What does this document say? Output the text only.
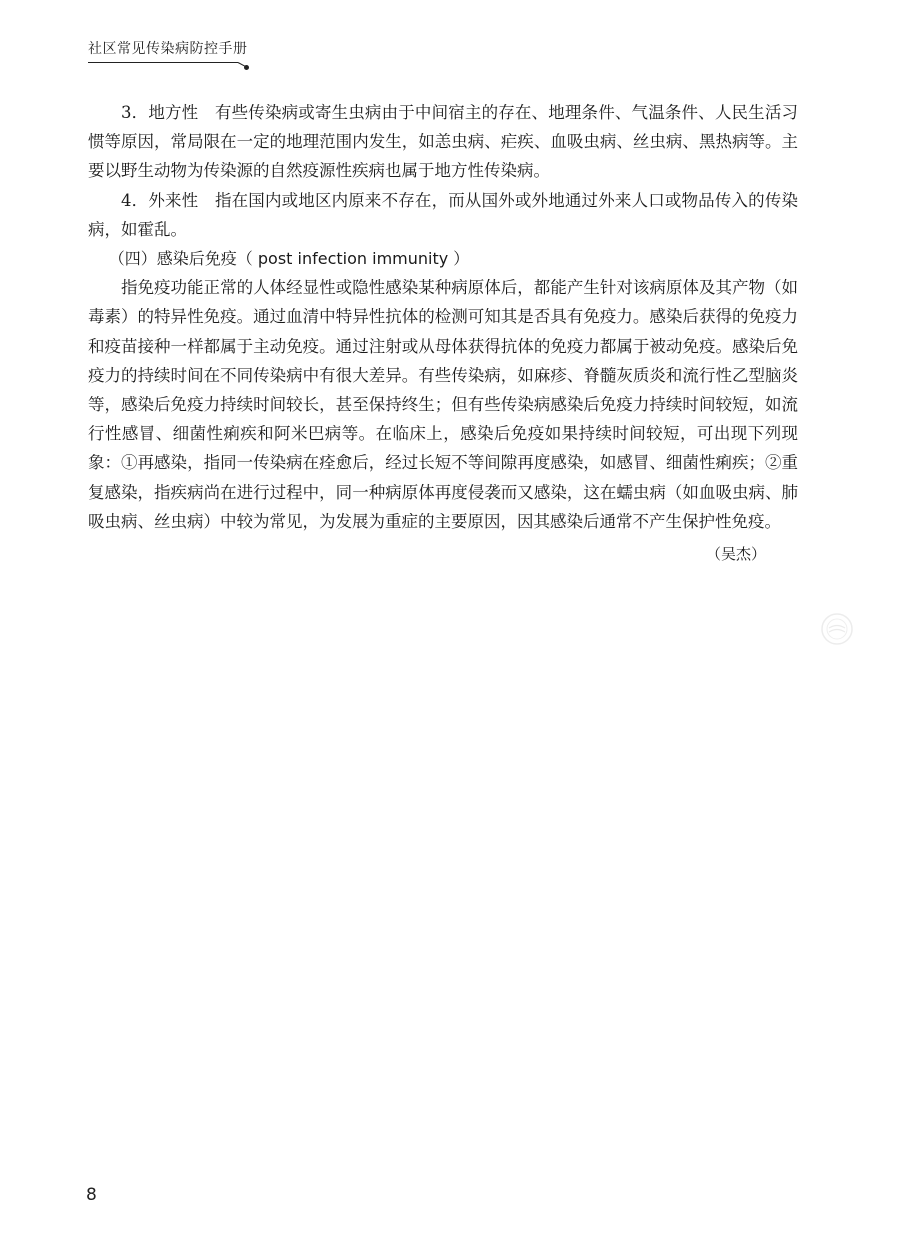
社区常见传染病防控手册

3．地方性　有些传染病或寄生虫病由于中间宿主的存在、地理条件、气温条件、人民生活习惯等原因，常局限在一定的地理范围内发生，如恙虫病、疟疾、血吸虫病、丝虫病、黑热病等。主要以野生动物为传染源的自然疫源性疾病也属于地方性传染病。

4．外来性　指在国内或地区内原来不存在，而从国外或外地通过外来人口或物品传入的传染病，如霍乱。

（四）感染后免疫（ post infection immunity ）

指免疫功能正常的人体经显性或隐性感染某种病原体后，都能产生针对该病原体及其产物（如毒素）的特异性免疫。通过血清中特异性抗体的检测可知其是否具有免疫力。感染后获得的免疫力和疫苗接种一样都属于主动免疫。通过注射或从母体获得抗体的免疫力都属于被动免疫。感染后免疫力的持续时间在不同传染病中有很大差异。有些传染病，如麻疹、脊髓灰质炎和流行性乙型脑炎等，感染后免疫力持续时间较长，甚至保持终生；但有些传染病感染后免疫力持续时间较短，如流行性感冒、细菌性痢疾和阿米巴病等。在临床上，感染后免疫如果持续时间较短，可出现下列现象：①再感染，指同一传染病在痊愈后，经过长短不等间隙再度感染，如感冒、细菌性痢疾；②重复感染，指疾病尚在进行过程中，同一种病原体再度侵袭而又感染，这在蠕虫病（如血吸虫病、肺吸虫病、丝虫病）中较为常见，为发展为重症的主要原因，因其感染后通常不产生保护性免疫。

（吴杰）

8
